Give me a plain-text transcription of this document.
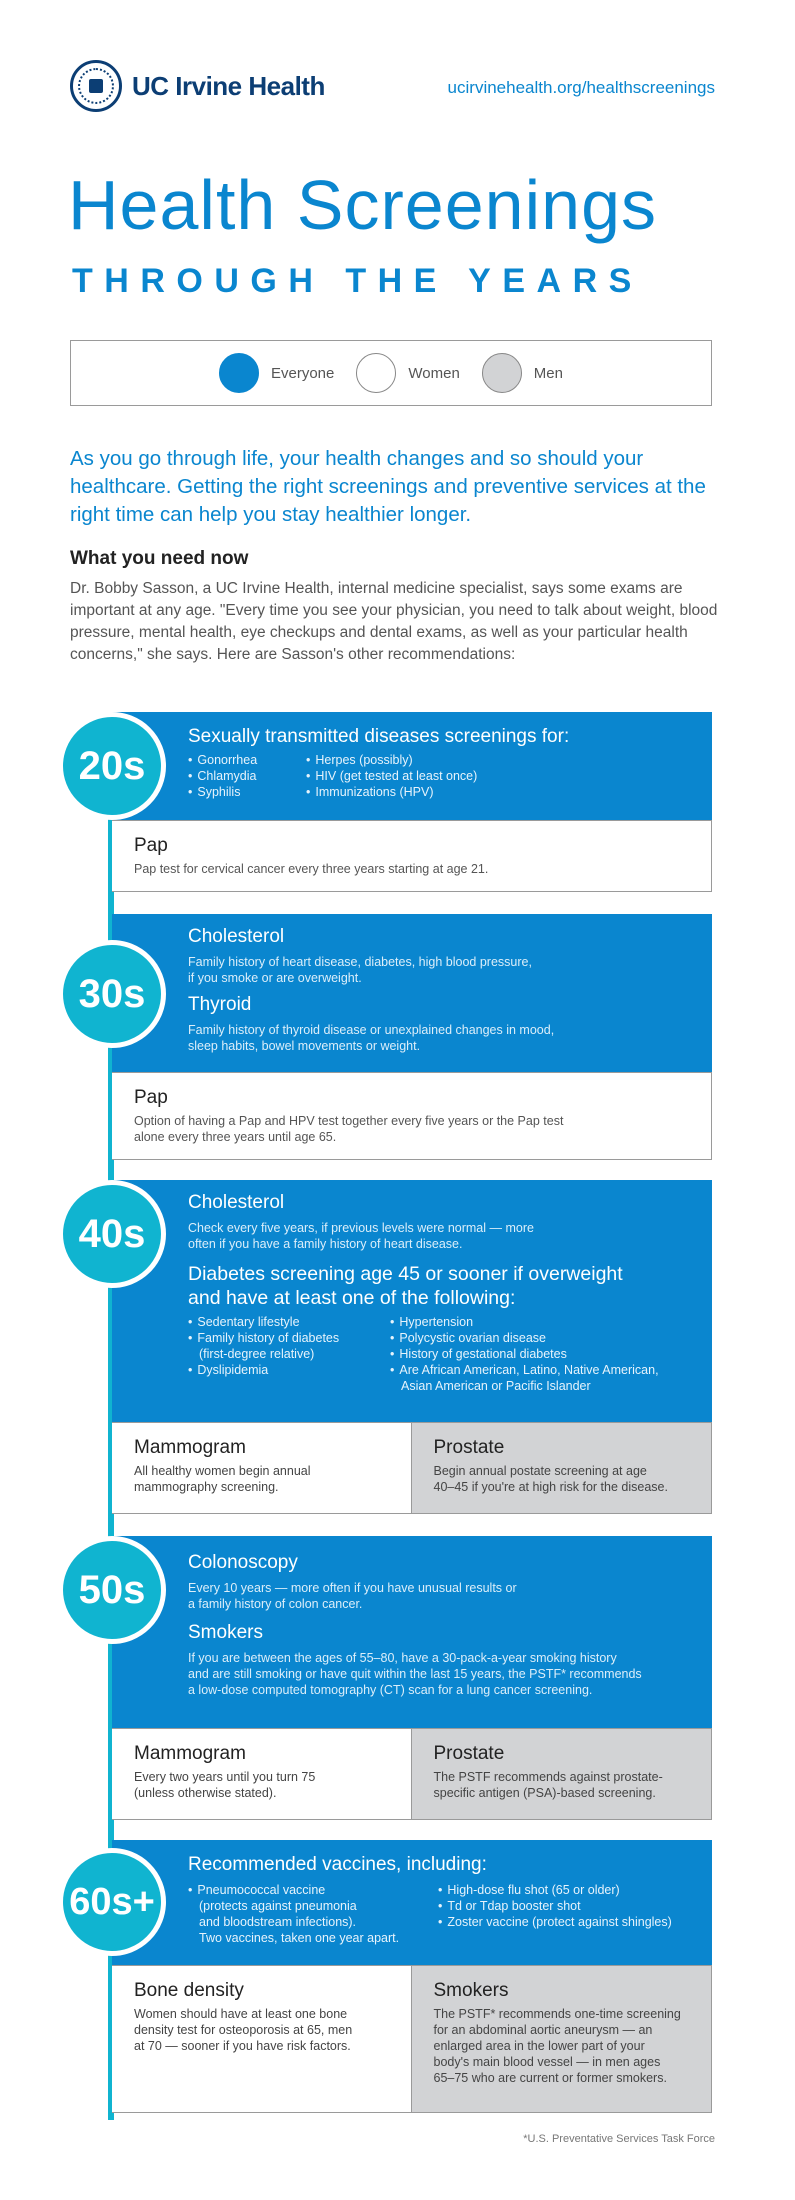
UC Irvine Health	ucirvinehealth.org/healthscreenings
Health Screenings
THROUGH THE YEARS
Everyone	Women	Men

As you go through life, your health changes and so should your healthcare. Getting the right screenings and preventive services at the right time can help you stay healthier longer.

What you need now

Dr. Bobby Sasson, a UC Irvine Health, internal medicine specialist, says some exams are important at any age. "Every time you see your physician, you need to talk about weight, blood pressure, mental health, eye checkups and dental exams, as well as your particular health concerns," she says. Here are Sasson's other recommendations:

Sexually transmitted diseases screenings for:
• Gonorrhea
• Chlamydia
• Syphilis
• Herpes (possibly)
• HIV (get tested at least once)
• Immunizations (HPV)
Pap
Pap test for cervical cancer every three years starting at age 21.
20s
Cholesterol
Family history of heart disease, diabetes, high blood pressure,
if you smoke or are overweight.
Thyroid
Family history of thyroid disease or unexplained changes in mood,
sleep habits, bowel movements or weight.
Pap
Option of having a Pap and HPV test together every five years or the Pap test
alone every three years until age 65.
30s
Cholesterol
Check every five years, if previous levels were normal — more
often if you have a family history of heart disease.
Diabetes screening age 45 or sooner if overweight
and have at least one of the following:
• Sedentary lifestyle
• Family history of diabetes
(first-degree relative)
• Dyslipidemia
• Hypertension
• Polycystic ovarian disease
• History of gestational diabetes
• Are African American, Latino, Native American,
Asian American or Pacific Islander
Mammogram
All healthy women begin annual
mammography screening.
Prostate
Begin annual postate screening at age
40–45 if you're at high risk for the disease.
40s
Colonoscopy
Every 10 years — more often if you have unusual results or
a family history of colon cancer.
Smokers
If you are between the ages of 55–80, have a 30-pack-a-year smoking history
and are still smoking or have quit within the last 15 years, the PSTF* recommends
a low-dose computed tomography (CT) scan for a lung cancer screening.
Mammogram
Every two years until you turn 75
(unless otherwise stated).
Prostate
The PSTF recommends against prostate-
specific antigen (PSA)-based screening.
50s
Recommended vaccines, including:
• Pneumococcal vaccine
(protects against pneumonia
and bloodstream infections).
Two vaccines, taken one year apart.
• High-dose flu shot (65 or older)
• Td or Tdap booster shot
• Zoster vaccine (protect against shingles)
Bone density
Women should have at least one bone
density test for osteoporosis at 65, men
at 70 — sooner if you have risk factors.
Smokers
The PSTF* recommends one-time screening
for an abdominal aortic aneurysm — an
enlarged area in the lower part of your
body's main blood vessel — in men ages
65–75 who are current or former smokers.
60s+
*U.S. Preventative Services Task Force
